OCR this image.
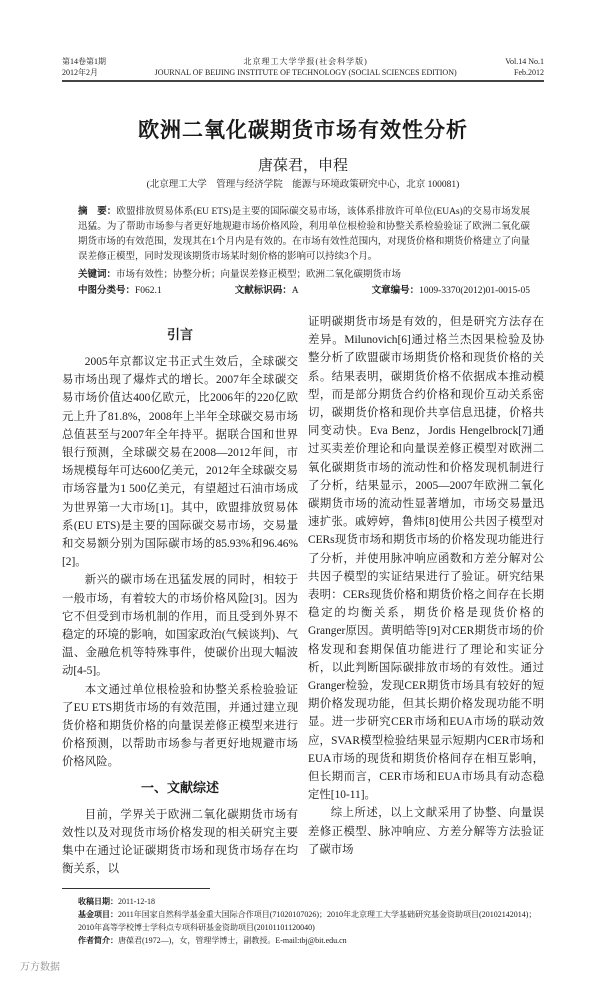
第14卷第1期
2012年2月
北京理工大学学报(社会科学版)
JOURNAL OF BEIJING INSTITUTE OF TECHNOLOGY (SOCIAL SCIENCES EDITION)
Vol.14 No.1
Feb.2012
欧洲二氧化碳期货市场有效性分析
唐葆君，申程
(北京理工大学　管理与经济学院　能源与环境政策研究中心，北京 100081)
摘　要：欧盟排放贸易体系(EU ETS)是主要的国际碳交易市场，该体系排放许可单位(EUAs)的交易市场发展迅猛。为了帮助市场参与者更好地规避市场价格风险，利用单位根检验和协整关系检验验证了欧洲二氧化碳期货市场的有效范围，发现其在1个月内是有效的。在市场有效性范围内，对现货价格和期货价格建立了向量误差修正模型，同时发现该期货市场某时刻价格的影响可以持续3个月。
关键词：市场有效性；协整分析；向量误差修正模型；欧洲二氧化碳期货市场
中图分类号：F062.1	文献标识码：A	文章编号：1009-3370(2012)01-0015-05
引言

2005年京都议定书正式生效后，全球碳交易市场出现了爆炸式的增长。2007年全球碳交易市场价值达400亿欧元，比2006年的220亿欧元上升了81.8%，2008年上半年全球碳交易市场总值甚至与2007年全年持平。据联合国和世界银行预测，全球碳交易在2008—2012年间，市场规模每年可达600亿美元，2012年全球碳交易市场容量为1 500亿美元，有望超过石油市场成为世界第一大市场[1]。其中，欧盟排放贸易体系(EU ETS)是主要的国际碳交易市场，交易量和交易额分别为国际碳市场的85.93%和96.46%[2]。

新兴的碳市场在迅猛发展的同时，相较于一般市场，有着较大的市场价格风险[3]。因为它不但受到市场机制的作用，而且受到外界不稳定的环境的影响，如国家政治(气候谈判)、气温、金融危机等特殊事件，使碳价出现大幅波动[4-5]。

本文通过单位根检验和协整关系检验验证了EU ETS期货市场的有效范围，并通过建立现货价格和期货价格的向量误差修正模型来进行价格预测，以帮助市场参与者更好地规避市场价格风险。

一、文献综述

目前，学界关于欧洲二氧化碳期货市场有效性以及对现货市场价格发现的相关研究主要集中在通过论证碳期货市场和现货市场存在均衡关系，以

证明碳期货市场是有效的，但是研究方法存在差异。Milunovich[6]通过格兰杰因果检验及协整分析了欧盟碳市场期货价格和现货价格的关系。结果表明，碳期货价格不依据成本推动模型，而是部分期货合约价格和现价互动关系密切，碳期货价格和现价共享信息迅捷，价格共同变动快。Eva Benz，Jordis Hengelbrock[7]通过买卖差价理论和向量误差修正模型对欧洲二氧化碳期货市场的流动性和价格发现机制进行了分析，结果显示，2005—2007年欧洲二氧化碳期货市场的流动性显著增加，市场交易量迅速扩张。戚婷婷，鲁炜[8]使用公共因子模型对CERs现货市场和期货市场的价格发现功能进行了分析，并使用脉冲响应函数和方差分解对公共因子模型的实证结果进行了验证。研究结果表明：CERs现货价格和期货价格之间存在长期稳定的均衡关系，期货价格是现货价格的Granger原因。黄明皓等[9]对CER期货市场的价格发现和套期保值功能进行了理论和实证分析，以此判断国际碳排放市场的有效性。通过Granger检验，发现CER期货市场具有较好的短期价格发现功能，但其长期价格发现功能不明显。进一步研究CER市场和EUA市场的联动效应，SVAR模型检验结果显示短期内CER市场和EUA市场的现货和期货价格间存在相互影响，但长期而言，CER市场和EUA市场具有动态稳定性[10-11]。

综上所述，以上文献采用了协整、向量误差修正模型、脉冲响应、方差分解等方法验证了碳市场

收稿日期：2011-12-18
基金项目：2011年国家自然科学基金重大国际合作项目(71020107026)；2010年北京理工大学基础研究基金资助项目(20102142014)；2010年高等学校博士学科点专项科研基金资助项目(20101101120040)
作者简介：唐葆君(1972—)，女，管理学博士，副教授。E-mail:tbj@bit.edu.cn
万方数据
